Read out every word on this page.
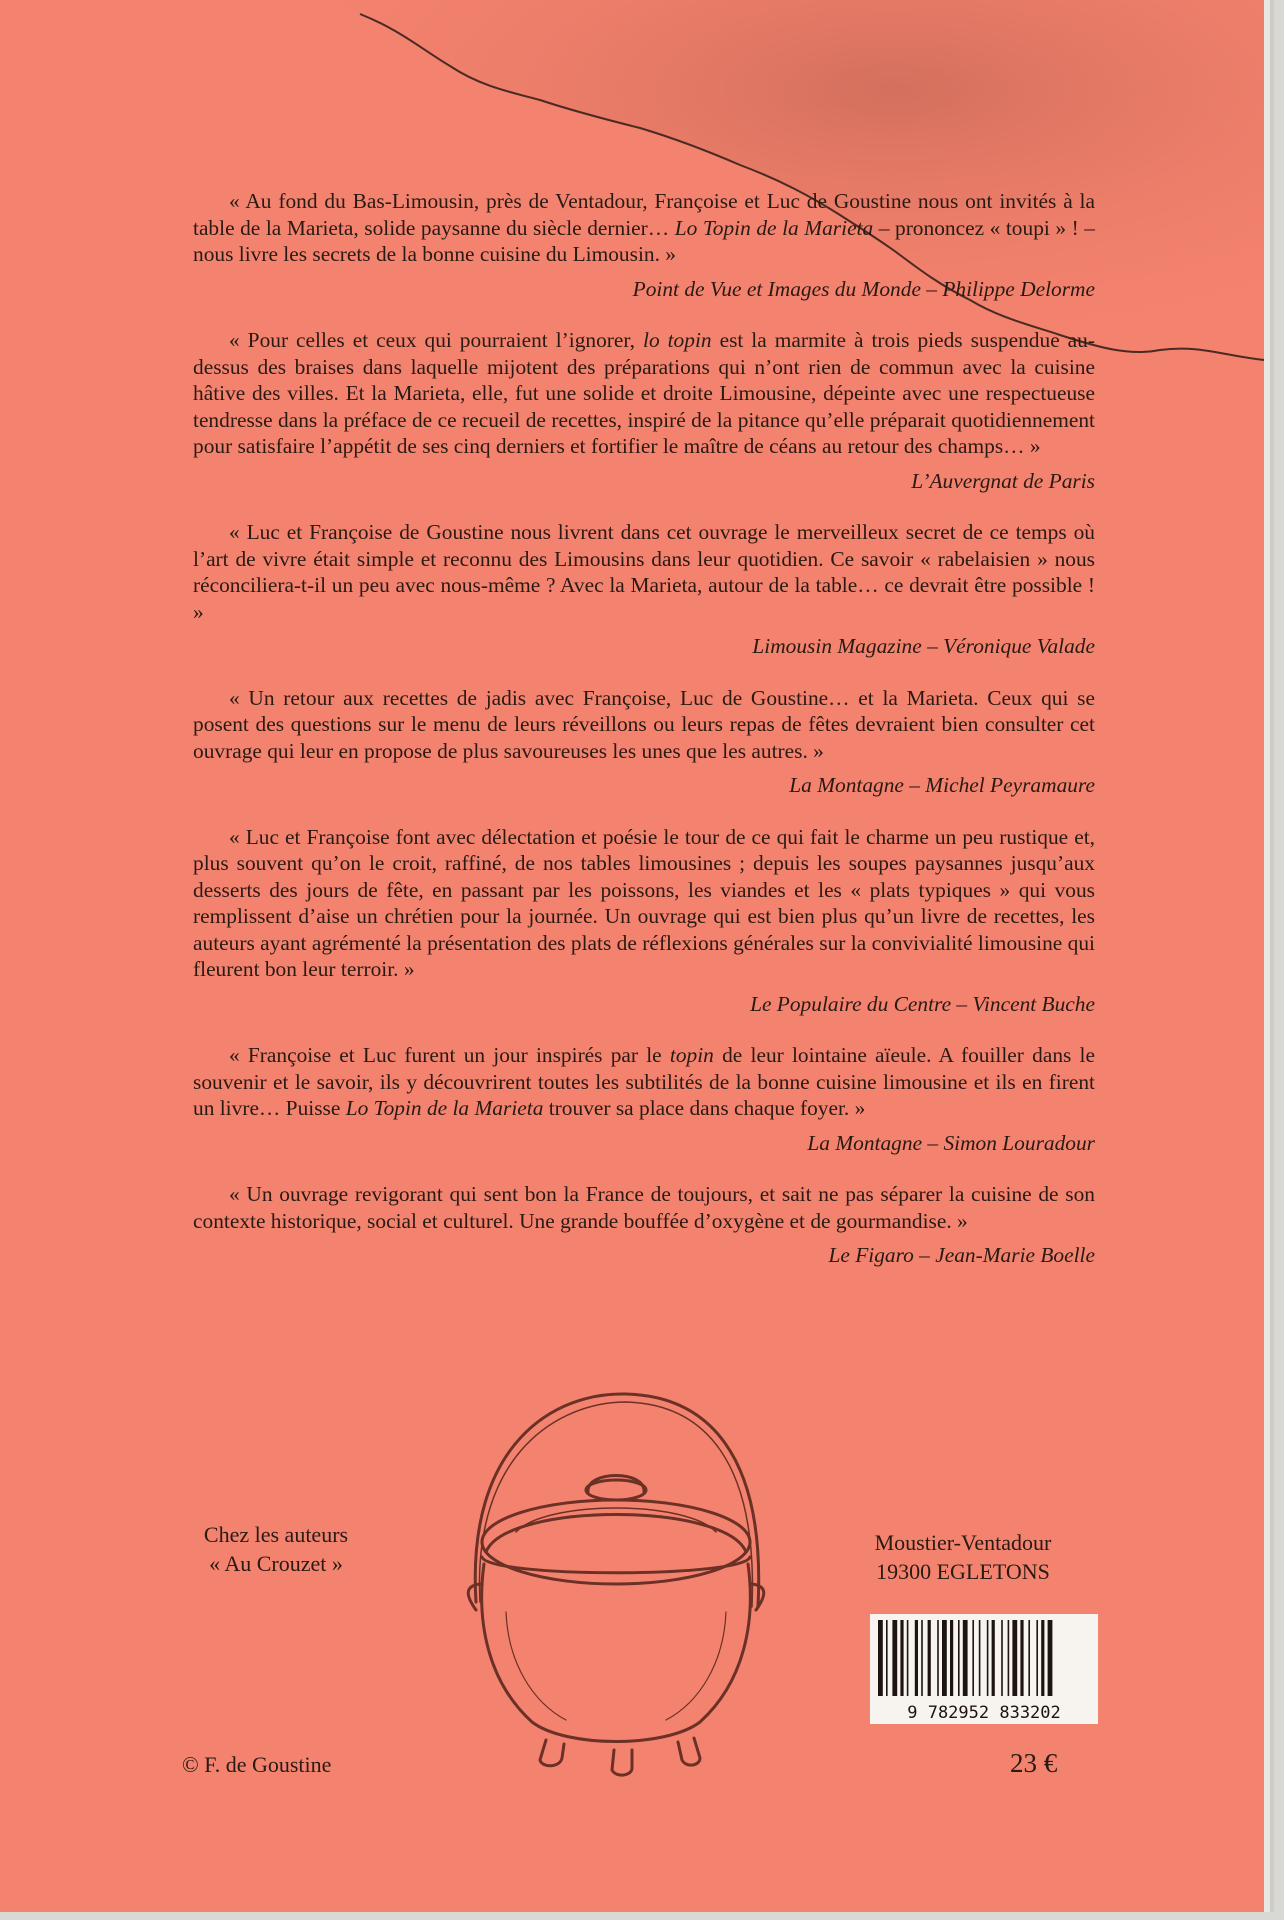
« Au fond du Bas-Limousin, près de Ventadour, Françoise et Luc de Goustine nous ont invités à la table de la Marieta, solide paysanne du siècle dernier… Lo Topin de la Marieta – prononcez « toupi » ! – nous livre les secrets de la bonne cuisine du Limousin. »

Point de Vue et Images du Monde – Philippe Delorme

« Pour celles et ceux qui pourraient l’ignorer, lo topin est la marmite à trois pieds suspendue au-dessus des braises dans laquelle mijotent des préparations qui n’ont rien de commun avec la cuisine hâtive des villes. Et la Marieta, elle, fut une solide et droite Limousine, dépeinte avec une respectueuse tendresse dans la préface de ce recueil de recettes, inspiré de la pitance qu’elle préparait quotidiennement pour satisfaire l’appétit de ses cinq derniers et fortifier le maître de céans au retour des champs… »

L’Auvergnat de Paris

« Luc et Françoise de Goustine nous livrent dans cet ouvrage le merveilleux secret de ce temps où l’art de vivre était simple et reconnu des Limousins dans leur quotidien. Ce savoir « rabelaisien » nous réconciliera-t-il un peu avec nous-même ? Avec la Marieta, autour de la table… ce devrait être possible ! »

Limousin Magazine – Véronique Valade

« Un retour aux recettes de jadis avec Françoise, Luc de Goustine… et la Marieta. Ceux qui se posent des questions sur le menu de leurs réveillons ou leurs repas de fêtes devraient bien consulter cet ouvrage qui leur en propose de plus savoureuses les unes que les autres. »

La Montagne – Michel Peyramaure

« Luc et Françoise font avec délectation et poésie le tour de ce qui fait le charme un peu rustique et, plus souvent qu’on le croit, raffiné, de nos tables limousines ; depuis les soupes paysannes jusqu’aux desserts des jours de fête, en passant par les poissons, les viandes et les « plats typiques » qui vous remplissent d’aise un chrétien pour la journée. Un ouvrage qui est bien plus qu’un livre de recettes, les auteurs ayant agrémenté la présentation des plats de réflexions générales sur la convivialité limousine qui fleurent bon leur terroir. »

Le Populaire du Centre – Vincent Buche

« Françoise et Luc furent un jour inspirés par le topin de leur lointaine aïeule. A fouiller dans le souvenir et le savoir, ils y découvrirent toutes les subtilités de la bonne cuisine limousine et ils en firent un livre… Puisse Lo Topin de la Marieta trouver sa place dans chaque foyer. »

La Montagne – Simon Louradour

« Un ouvrage revigorant qui sent bon la France de toujours, et sait ne pas séparer la cuisine de son contexte historique, social et culturel. Une grande bouffée d’oxygène et de gourmandise. »

Le Figaro – Jean-Marie Boelle
Chez les auteurs
« Au Crouzet »
Moustier-Ventadour
19300 EGLETONS
9 782952 833202
© F. de Goustine	23 €
